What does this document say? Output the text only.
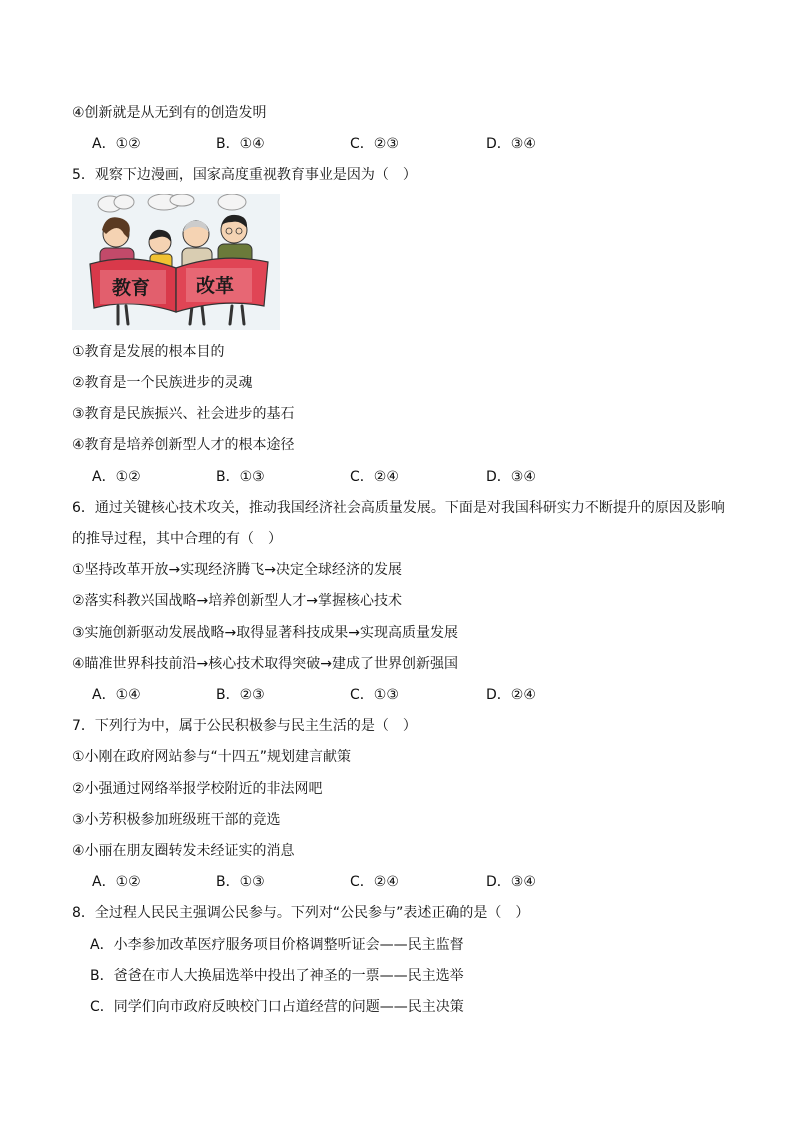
④创新就是从无到有的创造发明
A．①②	B．①④	C．②③	D．③④
5．观察下边漫画，国家高度重视教育事业是因为（　）
教育 改革
①教育是发展的根本目的
②教育是一个民族进步的灵魂
③教育是民族振兴、社会进步的基石
④教育是培养创新型人才的根本途径
A．①②	B．①③	C．②④	D．③④
6．通过关键核心技术攻关，推动我国经济社会高质量发展。下面是对我国科研实力不断提升的原因及影响
的推导过程，其中合理的有（　）
①坚持改革开放→实现经济腾飞→决定全球经济的发展
②落实科教兴国战略→培养创新型人才→掌握核心技术
③实施创新驱动发展战略→取得显著科技成果→实现高质量发展
④瞄准世界科技前沿→核心技术取得突破→建成了世界创新强国
A．①④	B．②③	C．①③	D．②④
7．下列行为中，属于公民积极参与民主生活的是（　）
①小刚在政府网站参与“十四五”规划建言献策
②小强通过网络举报学校附近的非法网吧
③小芳积极参加班级班干部的竞选
④小丽在朋友圈转发未经证实的消息
A．①②	B．①③	C．②④	D．③④
8．全过程人民民主强调公民参与。下列对“公民参与”表述正确的是（　）
A．小李参加改革医疗服务项目价格调整听证会——民主监督
B．爸爸在市人大换届选举中投出了神圣的一票——民主选举
C．同学们向市政府反映校门口占道经营的问题——民主决策
